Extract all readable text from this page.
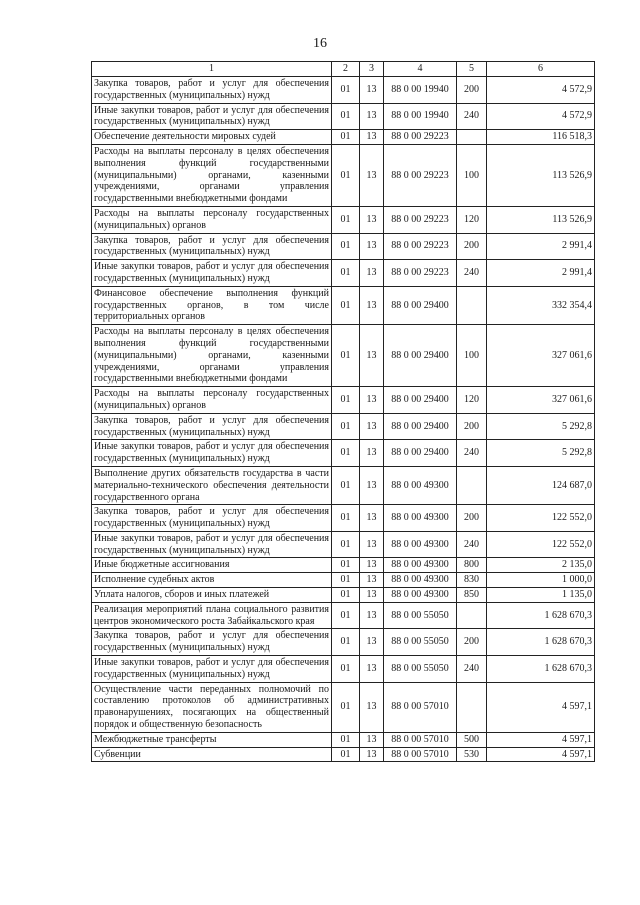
16
1	2	3	4	5	6
Закупка товаров, работ и услуг для обеспечения государственных (муниципальных) нужд	01	13	88 0 00 19940	200	4 572,9
Иные закупки товаров, работ и услуг для обеспечения государственных (муниципальных) нужд	01	13	88 0 00 19940	240	4 572,9
Обеспечение деятельности мировых судей	01	13	88 0 00 29223		116 518,3
Расходы на выплаты персоналу в целях обеспечения выполнения функций государственными (муниципальными) органами, казенными учреждениями, органами управления государственными внебюджетными фондами	01	13	88 0 00 29223	100	113 526,9
Расходы на выплаты персоналу государственных (муниципальных) органов	01	13	88 0 00 29223	120	113 526,9
Закупка товаров, работ и услуг для обеспечения государственных (муниципальных) нужд	01	13	88 0 00 29223	200	2 991,4
Иные закупки товаров, работ и услуг для обеспечения государственных (муниципальных) нужд	01	13	88 0 00 29223	240	2 991,4
Финансовое обеспечение выполнения функций государственных органов, в том числе территориальных органов	01	13	88 0 00 29400		332 354,4
Расходы на выплаты персоналу в целях обеспечения выполнения функций государственными (муниципальными) органами, казенными учреждениями, органами управления государственными внебюджетными фондами	01	13	88 0 00 29400	100	327 061,6
Расходы на выплаты персоналу государственных (муниципальных) органов	01	13	88 0 00 29400	120	327 061,6
Закупка товаров, работ и услуг для обеспечения государственных (муниципальных) нужд	01	13	88 0 00 29400	200	5 292,8
Иные закупки товаров, работ и услуг для обеспечения государственных (муниципальных) нужд	01	13	88 0 00 29400	240	5 292,8
Выполнение других обязательств государства в части материально-технического обеспечения деятельности государственного органа	01	13	88 0 00 49300		124 687,0
Закупка товаров, работ и услуг для обеспечения государственных (муниципальных) нужд	01	13	88 0 00 49300	200	122 552,0
Иные закупки товаров, работ и услуг для обеспечения государственных (муниципальных) нужд	01	13	88 0 00 49300	240	122 552,0
Иные бюджетные ассигнования	01	13	88 0 00 49300	800	2 135,0
Исполнение судебных актов	01	13	88 0 00 49300	830	1 000,0
Уплата налогов, сборов и иных платежей	01	13	88 0 00 49300	850	1 135,0
Реализация мероприятий плана социального развития центров экономического роста Забайкальского края	01	13	88 0 00 55050		1 628 670,3
Закупка товаров, работ и услуг для обеспечения государственных (муниципальных) нужд	01	13	88 0 00 55050	200	1 628 670,3
Иные закупки товаров, работ и услуг для обеспечения государственных (муниципальных) нужд	01	13	88 0 00 55050	240	1 628 670,3
Осуществление части переданных полномочий по составлению протоколов об административных правонарушениях, посягающих на общественный порядок и общественную безопасность	01	13	88 0 00 57010		4 597,1
Межбюджетные трансферты	01	13	88 0 00 57010	500	4 597,1
Субвенции	01	13	88 0 00 57010	530	4 597,1
